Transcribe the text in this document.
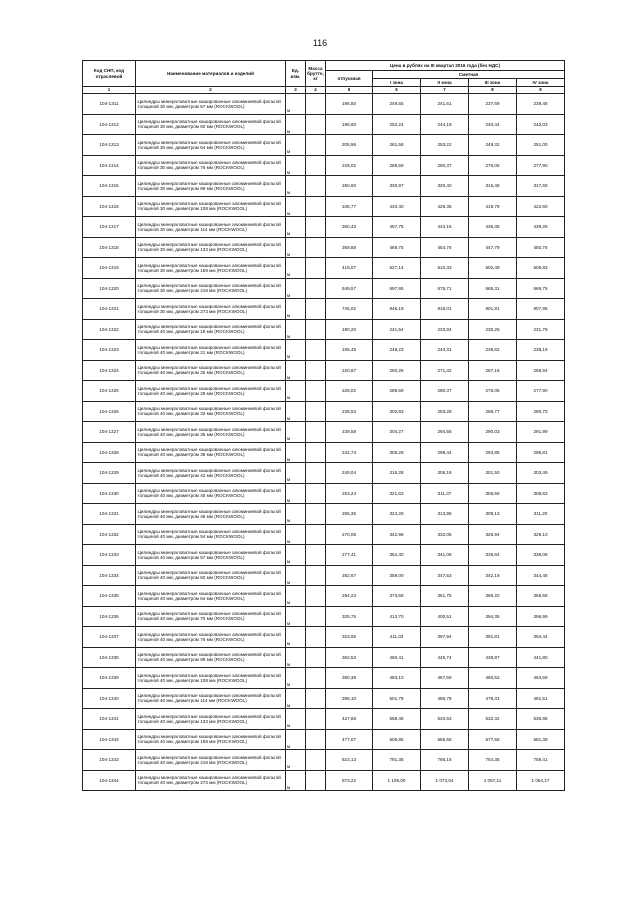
116
Код СНП, код отраслевой	Наименование материалов и изделий	Ед. изм.	Масса брутто, кг	Цена в рублях на III квартал 2016 года (без НДС)				
				отпускная	Сметная			
					I зона	II зона	III зона	IV зона
1	2	3	4	5	6	7	8	9
104-1311	Цилиндры минераловатные кашированные алюминиевой фольгой толщиной 30 мм, диаметром 57 мм (ROCKWOOL)	м		196,50	249,55	241,61	237,69	239,48
104-1312	Цилиндры минераловатные кашированные алюминиевой фольгой толщиной 30 мм, диаметром 60 мм (ROCKWOOL)	м		198,60	252,24	244,18	240,44	242,03
104-1313	Цилиндры минераловатные кашированные алюминиевой фольгой толщиной 30 мм, диаметром 64 мм (ROCKWOOL)	м		205,96	261,58	253,22	249,32	251,00
104-1314	Цилиндры минераловатные кашированные алюминиевой фольгой толщиной 30 мм, диаметром 76 мм (ROCKWOOL)	м		228,02	289,59	280,37	276,05	277,90
104-1315	Цилиндры минераловатные кашированные алюминиевой фольгой толщиной 30 мм, диаметром 89 мм (ROCKWOOL)	м		260,60	330,97	320,40	315,48	317,60
104-1316	Цилиндры минераловатные кашированные алюминиевой фольгой толщиной 30 мм, диаметром 108 мм (ROCKWOOL)	м		346,77	440,40	426,35	419,79	422,60
104-1317	Цилиндры минераловатные кашированные алюминиевой фольгой толщиной 30 мм, диаметром 114 мм (ROCKWOOL)	м		360,43	457,75	443,15	436,35	439,25
104-1318	Цилиндры минераловатные кашированные алюминиевой фольгой толщиной 30 мм, диаметром 133 мм (ROCKWOOL)	м		369,88	469,75	454,76	447,79	450,76
104-1319	Цилиндры минераловатные кашированные алюминиевой фольгой толщиной 30 мм, диаметром 159 мм (ROCKWOOL)	м		415,07	527,14	510,33	502,49	505,83
104-1320	Цилиндры минераловатные кашированные алюминиевой фольгой толщиной 30 мм, диаметром 219 мм (ROCKWOOL)	м		549,57	697,95	675,71	665,31	669,75
104-1321	Цилиндры минераловатные кашированные алюминиевой фольгой толщиной 30 мм, диаметром 273 мм (ROCKWOOL)	м		745,02	946,18	916,01	901,91	907,95
104-1322	Цилиндры минераловатные кашированные алюминиевой фольгой толщиной 40 мм, диаметром 18 мм (ROCKWOOL)	м		190,20	241,54	233,84	230,25	231,79
104-1323	Цилиндры минераловатные кашированные алюминиевой фольгой толщиной 40 мм, диаметром 21 мм (ROCKWOOL)	м		195,45	248,23	240,31	236,62	238,19
104-1324	Цилиндры минераловатные кашированные алюминиевой фольгой толщиной 40 мм, диаметром 25 мм (ROCKWOOL)	м		220,67	280,26	271,32	267,16	268,94
104-1325	Цилиндры минераловатные кашированные алюминиевой фольгой толщиной 40 мм, диаметром 28 мм (ROCKWOOL)	м		228,02	289,59	280,37	276,05	277,90
104-1326	Цилиндры минераловатные кашированные алюминиевой фольгой толщиной 40 мм, диаметром 32 мм (ROCKWOOL)	м		238,53	302,93	293,28	288,77	290,70
104-1327	Цилиндры минераловатные кашированные алюминиевой фольгой толщиной 40 мм, диаметром 35 мм (ROCKWOOL)	м		239,58	304,27	294,56	290,03	291,99
104-1328	Цилиндры минераловатные кашированные алюминиевой фольгой толщиной 40 мм, диаметром 38 мм (ROCKWOOL)	м		242,74	308,28	298,44	293,85	295,81
104-1329	Цилиндры минераловатные кашированные алюминиевой фольгой толщиной 40 мм, диаметром 42 мм (ROCKWOOL)	м		249,04	316,28	306,18	301,50	303,49
104-1330	Цилиндры минераловатные кашированные алюминиевой фольгой толщиной 40 мм, диаметром 45 мм (ROCKWOOL)	м		253,24	321,63	311,37	306,58	308,63
104-1331	Цилиндры минераловатные кашированные алюминиевой фольгой толщиной 40 мм, диаметром 48 мм (ROCKWOOL)	м		255,35	324,28	313,95	309,13	311,20
104-1332	Цилиндры минераловатные кашированные алюминиевой фольгой толщиной 40 мм, диаметром 54 мм (ROCKWOOL)	м		270,08	342,98	332,05	326,94	329,10
104-1333	Цилиндры минераловатные кашированные алюминиевой фольгой толщиной 40 мм, диаметром 57 мм (ROCKWOOL)	м		277,41	352,30	341,08	335,84	338,08
104-1334	Цилиндры минераловатные кашированные алюминиевой фольгой толщиной 40 мм, диаметром 60 мм (ROCKWOOL)	м		282,67	359,00	347,53	342,19	344,48
104-1335	Цилиндры минераловатные кашированные алюминиевой фольгой толщиной 40 мм, диаметром 64 мм (ROCKWOOL)	м		294,23	373,66	361,75	356,20	358,58
104-1336	Цилиндры минераловатные кашированные алюминиевой фольгой толщиной 40 мм, диаметром 70 мм (ROCKWOOL)	м		325,75	413,70	400,51	394,35	396,99
104-1337	Цилиндры минераловатные кашированные алюминиевой фольгой толщиной 40 мм, диаметром 76 мм (ROCKWOOL)	м		323,65	411,03	397,94	391,81	394,44
104-1338	Цилиндры минераловатные кашированные алюминиевой фольгой толщиной 40 мм, диаметром 89 мм (ROCKWOOL)	м		362,53	460,41	445,74	438,87	441,80
104-1339	Цилиндры минераловатные кашированные алюминиевой фольгой толщиной 40 мм, диаметром 108 мм (ROCKWOOL)	м		380,38	483,10	467,69	460,52	463,59
104-1340	Цилиндры минераловатные кашированные алюминиевой фольгой толщиной 40 мм, диаметром 114 мм (ROCKWOOL)	м		395,10	501,79	485,79	478,31	481,51
104-1341	Цилиндры минераловатные кашированные алюминиевой фольгой толщиной 40 мм, диаметром 133 мм (ROCKWOOL)	м		427,68	558,46	540,63	532,32	535,88
104-1342	Цилиндры минераловатные кашированные алюминиевой фольгой толщиной 40 мм, диаметром 159 мм (ROCKWOOL)	м		477,07	605,86	586,55	577,55	581,39
104-1343	Цилиндры минераловатные кашированные алюминиевой фольгой толщиной 40 мм, диаметром 219 мм (ROCKWOOL)	м		623,13	791,36	766,15	754,35	759,41
104-1344	Цилиндры минераловатные кашированные алюминиевой фольгой толщиной 40 мм, диаметром 273 мм (ROCKWOOL)	м		873,22	1 109,00	1 073,64	1 057,11	1 064,17
